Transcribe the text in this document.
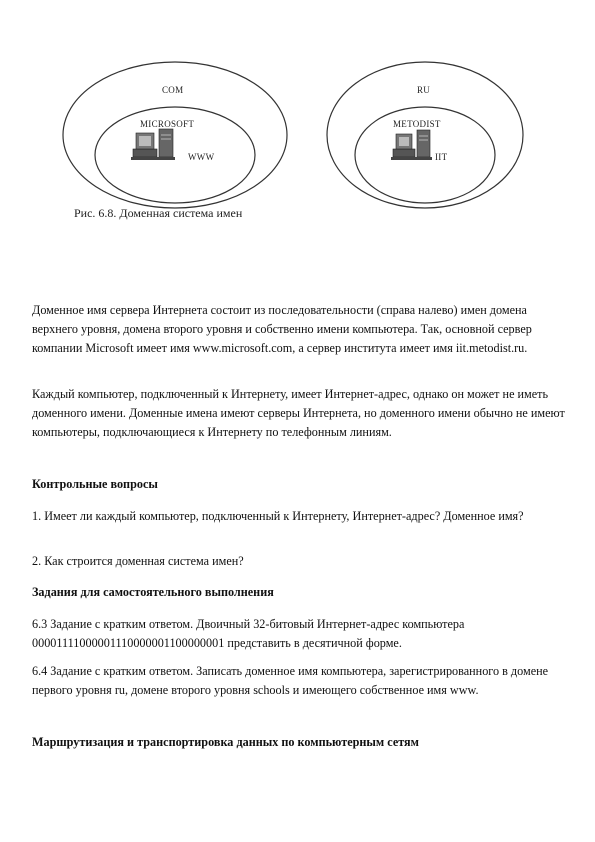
COM
MICROSOFT
WWW
RU
METODIST
IIT
Рис. 6.8. Доменная система имен

Доменное имя сервера Интернета состоит из последовательности (справа налево) имен домена верхнего уровня, домена второго уровня и собственно имени компьютера. Так, основной сервер компании Microsoft имеет имя www.microsoft.com, а сервер института имеет имя iit.metodist.ru.

Каждый компьютер, подключенный к Интернету, имеет Интернет-адрес, однако он может не иметь доменного имени. Доменные имена имеют серверы Интернета, но доменного имени обычно не имеют компьютеры, подключающиеся к Интернету по телефонным линиям.

Контрольные вопросы

1. Имеет ли каждый компьютер, подключенный к Интернету, Интернет-адрес? Доменное имя?

2. Как строится доменная система имен?

Задания для самостоятельного выполнения

6.3 Задание с кратким ответом. Двоичный 32-битовый Интернет-адрес компьютера 00001111000001110000001100000001 представить в десятичной форме.

6.4 Задание с кратким ответом. Записать доменное имя компьютера, зарегистрированного в домене первого уровня ru, домене второго уровня schools и имеющего собственное имя www.

Маршрутизация и транспортировка данных по компьютерным сетям
